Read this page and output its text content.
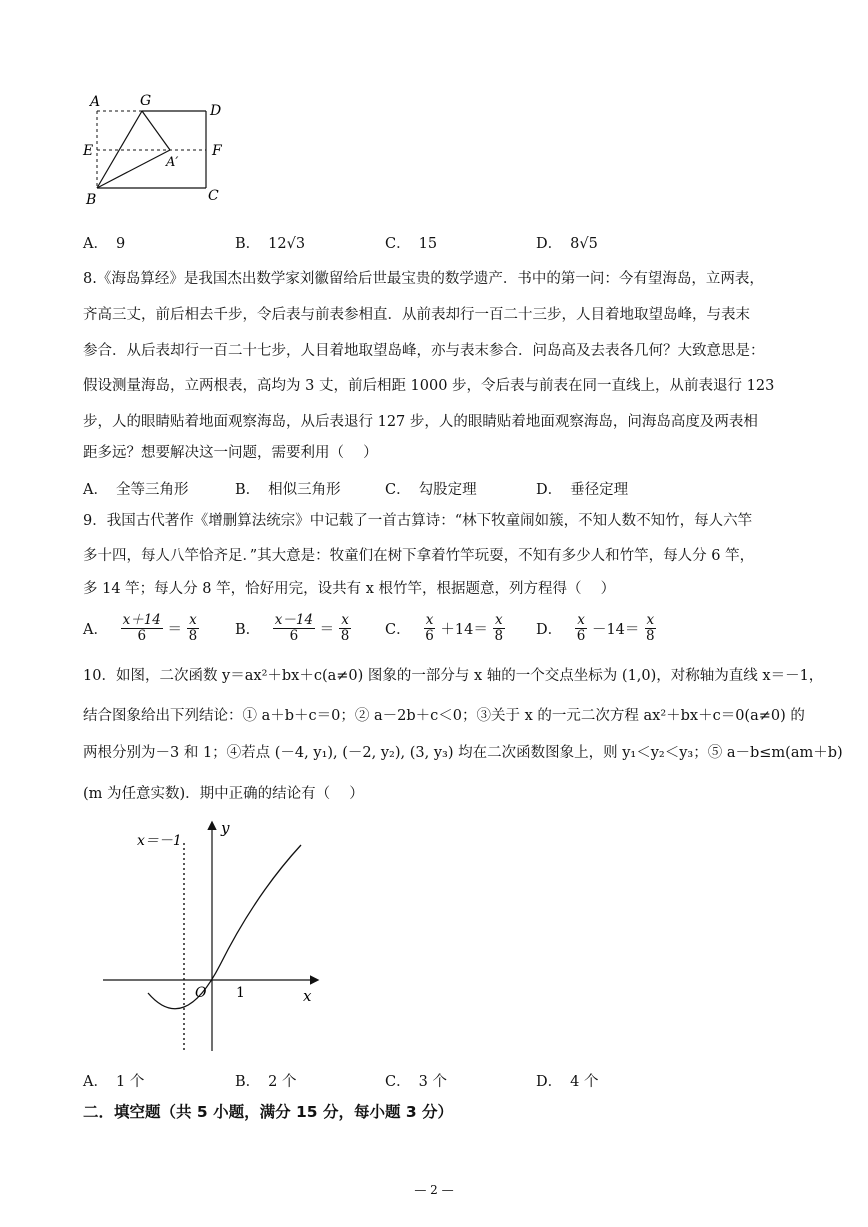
A	G
D
E	F
A′
B	C
A． 9	B． 12√3	C． 15	D． 8√5
8.《海岛算经》是我国杰出数学家刘徽留给后世最宝贵的数学遗产．书中的第一问：今有望海岛，立两表，
齐高三丈，前后相去千步，令后表与前表参相直．从前表却行一百二十三步，人目着地取望岛峰，与表末
参合．从后表却行一百二十七步，人目着地取望岛峰，亦与表末参合．问岛高及去表各几何？大致意思是：
假设测量海岛，立两根表，高均为 3 丈，前后相距 1000 步，令后表与前表在同一直线上，从前表退行 123
步，人的眼睛贴着地面观察海岛，从后表退行 127 步，人的眼睛贴着地面观察海岛，问海岛高度及两表相
距多远？想要解决这一问题，需要利用（　 ）
A． 全等三角形	B． 相似三角形	C． 勾股定理	D． 垂径定理
9．我国古代著作《增删算法统宗》中记载了一首古算诗：“林下牧童闹如簇，不知人数不知竹，每人六竿
多十四，每人八竿恰齐足．”其大意是：牧童们在树下拿着竹竿玩耍，不知有多少人和竹竿，每人分 6 竿，
多 14 竿；每人分 8 竿，恰好用完，设共有 x 根竹竿，根据题意，列方程得（　 ）
A． $\frac{x+14}{6} = \frac{x}{8}$ B． $\frac{x-14}{6} = \frac{x}{8}$ C． $\frac{x}{6} +14= \frac{x}{8}$ D． $\frac{x}{6} -14= \frac{x}{8}$
10．如图，二次函数 y＝ax²＋bx＋c(a≠0) 图象的一部分与 x 轴的一个交点坐标为 (1,0)，对称轴为直线 x＝－1，
结合图象给出下列结论：① a＋b＋c＝0；② a－2b＋c＜0；③关于 x 的一元二次方程 ax²＋bx＋c＝0(a≠0) 的
两根分别为－3 和 1；④若点 (－4, y₁), (－2, y₂), (3, y₃) 均在二次函数图象上，则 y₁＜y₂＜y₃；⑤ a－b≤m(am＋b)
(m 为任意实数)．期中正确的结论有（　 ）
x＝－1
y
x
O 1
A． 1 个	B． 2 个	C． 3 个	D． 4 个
二．填空题（共 5 小题，满分 15 分，每小题 3 分）
— 2 —
